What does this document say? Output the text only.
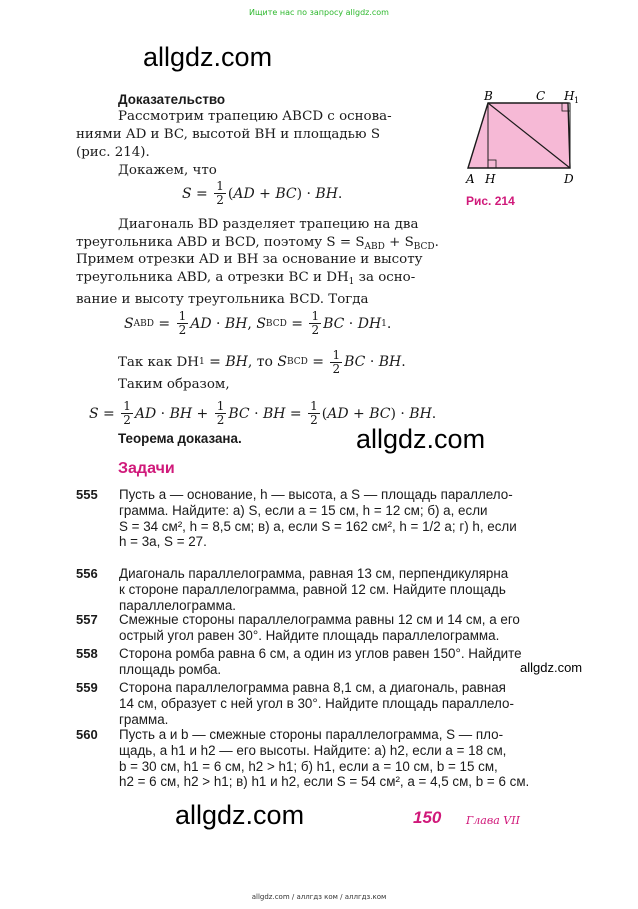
Ищите нас по запросу allgdz.com
allgdz.com
allgdz.com
allgdz.com
allgdz.com
Доказательство
Рассмотрим трапецию ABCD с основа-
ниями AD и BC, высотой BH и площадью S
(рис. 214).
Докажем, что
$S = \frac{1}{2}$ ( AD + BC ) · BH .
Диагональ BD разделяет трапецию на два
треугольника ABD и BCD, поэтому $S = S_{ABD} + S_{BCD}$.
Примем отрезки AD и BH за основание и высоту
треугольника ABD, а отрезки BC и $DH_1$ за осно-
вание и высоту треугольника BCD. Тогда
S ABD = $\frac{1}{2}$ AD · BH , S BCD = $\frac{1}{2}$ BC · DH 1 .
Так как DH 1 = BH , то S BCD = $\frac{1}{2}$ BC · BH .
Таким образом,
$S = \frac{1}{2}$ AD · BH + $\frac{1}{2}$ BC · BH = $\frac{1}{2}$ ( AD + BC ) · BH .
Теорема доказана.
B	C H 1
A H	D
Рис. 214
Задачи
555 Пусть a — основание, h — высота, а S — площадь параллело-
грамма. Найдите: а) S, если a = 15 см, h = 12 см; б) a, если
S = 34 см², h = 8,5 см; в) a, если S = 162 см², h = 1/2 a; г) h, если
h = 3a, S = 27.
556 Диагональ параллелограмма, равная 13 см, перпендикулярна
к стороне параллелограмма, равной 12 см. Найдите площадь
параллелограмма.
557 Смежные стороны параллелограмма равны 12 см и 14 см, а его
острый угол равен 30°. Найдите площадь параллелограмма.
558 Сторона ромба равна 6 см, а один из углов равен 150°. Найдите
площадь ромба.
559 Сторона параллелограмма равна 8,1 см, а диагональ, равная
14 см, образует с ней угол в 30°. Найдите площадь параллело-
грамма.
560 Пусть a и b — смежные стороны параллелограмма, S — пло-
щадь, а h1 и h2 — его высоты. Найдите: а) h2, если a = 18 см,
b = 30 см, h1 = 6 см, h2 > h1; б) h1, если a = 10 см, b = 15 см,
h2 = 6 см, h2 > h1; в) h1 и h2, если S = 54 см², a = 4,5 см, b = 6 см.
150 Глава VII
allgdz.com / аллгдз ком / аллгдз.ком
